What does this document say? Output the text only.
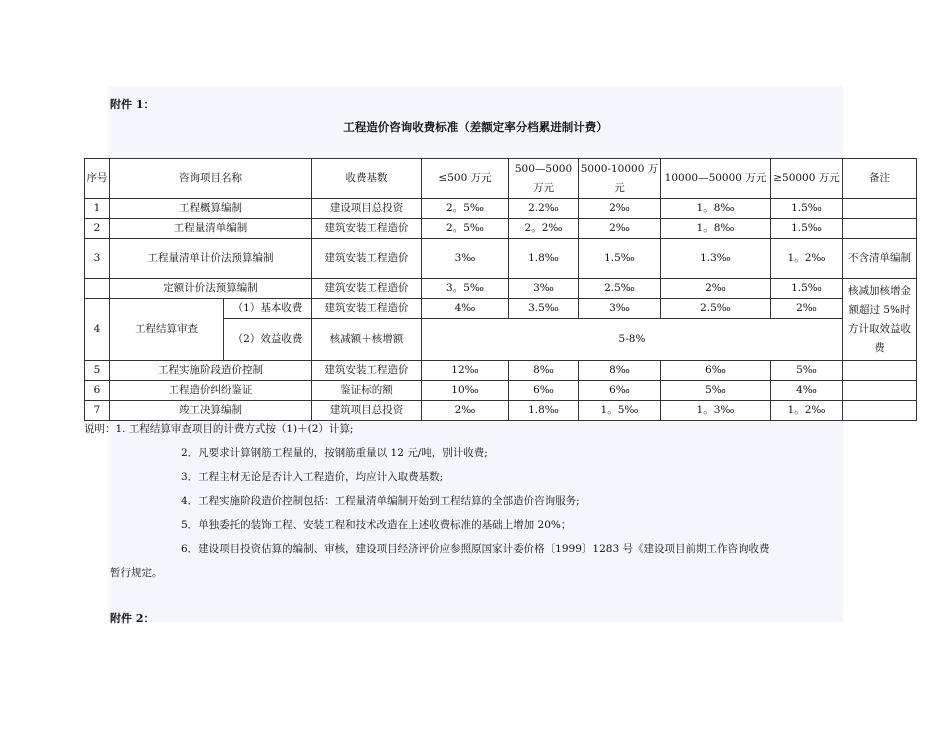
附件 1：
工程造价咨询收费标准（差额定率分档累进制计费）
序号	咨询项目名称		收费基数	≤500 万元	500—5000 万元	5000-10000 万元	10000—50000 万元	≥50000 万元	备注
1	工程概算编制		建设项目总投资	2。5‰	2.2‰	2‰	1。8‰	1.5‰	
2	工程量清单编制		建筑安装工程造价	2。5‰	2。2‰	2‰	1。8‰	1.5‰	
3	工程量清单计价法预算编制		建筑安装工程造价	3‰	1.8‰	1.5‰	1.3‰	1。2‰	不含清单编制
	定额计价法预算编制		建筑安装工程造价	3。5‰	3‰	2.5‰	2‰	1.5‰	核减加核增金额超过 5%时方计取效益收费
4	工程结算审查	（1）基本收费	建筑安装工程造价	4‰	3.5‰	3‰	2.5‰	2‰	
		（2）效益收费	核减额＋核增额	5-8%					
5	工程实施阶段造价控制		建筑安装工程造价	12‰	8‰	8‰	6‰	5‰	
6	工程造价纠纷鉴证		鉴证标的额	10‰	6‰	6‰	5‰	4‰	
7	竣工决算编制		建筑项目总投资	2‰	1.8‰	1。5‰	1。3‰	1。2‰	
说明：1. 工程结算审查项目的计费方式按（1)＋(2）计算;
2．凡要求计算钢筋工程量的，按钢筋重量以 12 元/吨，别计收费;
3．工程主材无论是否计入工程造价，均应计入取费基数;
4．工程实施阶段造价控制包括：工程量清单编制开始到工程结算的全部造价咨询服务;
5．单独委托的装饰工程、安装工程和技术改造在上述收费标准的基础上增加 20%；
6．建设项目投资估算的编制、审核，建设项目经济评价应参照原国家计委价格〔1999〕1283 号《建设项目前期工作咨询收费
暂行规定。
附件 2：
